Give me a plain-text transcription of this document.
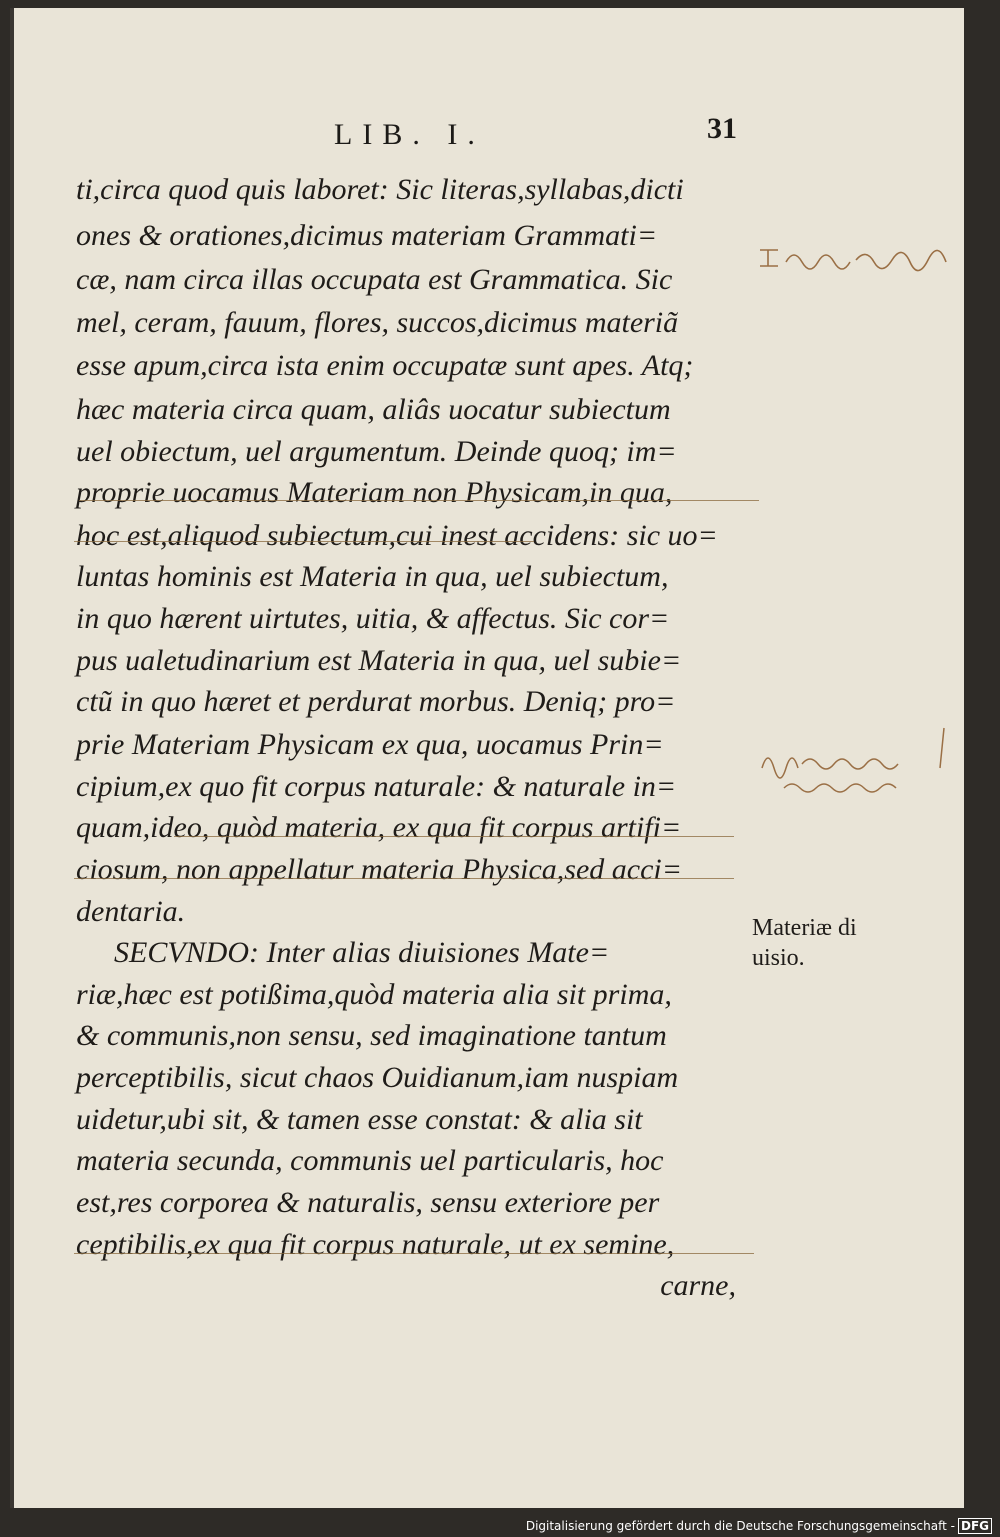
LIB. I.	31
ti,circa quod quis laboret: Sic literas,syllabas,dicti
ones & orationes,dicimus materiam Grammati=
cæ, nam circa illas occupata est Grammatica. Sic
mel, ceram, fauum, flores, succos,dicimus materiã
esse apum,circa ista enim occupatæ sunt apes. Atq;
hæc materia circa quam, aliâs uocatur subiectum
uel obiectum, uel argumentum. Deinde quoq; im=
proprie uocamus Materiam non Physicam,in qua,
hoc est,aliquod subiectum,cui inest accidens: sic uo=
luntas hominis est Materia in qua, uel subiectum,
in quo hærent uirtutes, uitia, & affectus. Sic cor=
pus ualetudinarium est Materia in qua, uel subie=
ctũ in quo hæret et perdurat morbus. Deniq; pro=
prie Materiam Physicam ex qua, uocamus Prin=
cipium,ex quo fit corpus naturale: & naturale in=
quam,ideo, quòd materia, ex qua fit corpus artifi=
ciosum, non appellatur materia Physica,sed acci=
dentaria.
SECVNDO: Inter alias diuisiones Mate=
riæ,hæc est potißima,quòd materia alia sit prima,
& communis,non sensu, sed imaginatione tantum
perceptibilis, sicut chaos Ouidianum,iam nuspiam
uidetur,ubi sit, & tamen esse constat: & alia sit
materia secunda, communis uel particularis, hoc
est,res corporea & naturalis, sensu exteriore per
ceptibilis,ex qua fit corpus naturale, ut ex semine,
carne,
Materiæ di
uisio.
Digitalisierung gefördert durch die Deutsche Forschungsgemeinschaft - DFG
